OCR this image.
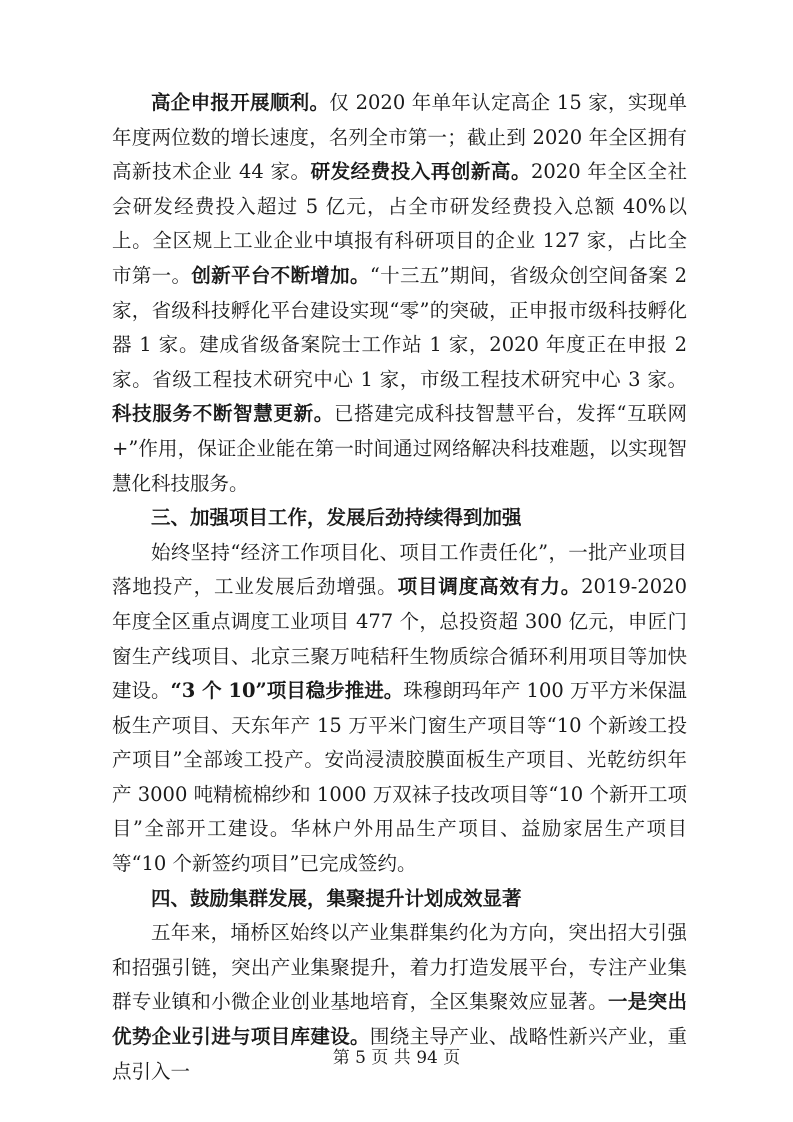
高企申报开展顺利。仅 2020 年单年认定高企 15 家，实现单年度两位数的增长速度，名列全市第一；截止到 2020 年全区拥有高新技术企业 44 家。研发经费投入再创新高。2020 年全区全社会研发经费投入超过 5 亿元，占全市研发经费投入总额 40%以上。全区规上工业企业中填报有科研项目的企业 127 家，占比全市第一。创新平台不断增加。“十三五”期间，省级众创空间备案 2 家，省级科技孵化平台建设实现“零”的突破，正申报市级科技孵化器 1 家。建成省级备案院士工作站 1 家，2020 年度正在申报 2 家。省级工程技术研究中心 1 家，市级工程技术研究中心 3 家。科技服务不断智慧更新。已搭建完成科技智慧平台，发挥“互联网+”作用，保证企业能在第一时间通过网络解决科技难题，以实现智慧化科技服务。

三、加强项目工作，发展后劲持续得到加强

始终坚持“经济工作项目化、项目工作责任化”，一批产业项目落地投产，工业发展后劲增强。项目调度高效有力。2019-2020 年度全区重点调度工业项目 477 个，总投资超 300 亿元，申匠门窗生产线项目、北京三聚万吨秸秆生物质综合循环利用项目等加快建设。“3 个 10”项目稳步推进。珠穆朗玛年产 100 万平方米保温板生产项目、天东年产 15 万平米门窗生产项目等“10 个新竣工投产项目”全部竣工投产。安尚浸渍胶膜面板生产项目、光乾纺织年产 3000 吨精梳棉纱和 1000 万双袜子技改项目等“10 个新开工项目”全部开工建设。华林户外用品生产项目、益励家居生产项目等“10 个新签约项目”已完成签约。

四、鼓励集群发展，集聚提升计划成效显著

五年来，埇桥区始终以产业集群集约化为方向，突出招大引强和招强引链，突出产业集聚提升，着力打造发展平台，专注产业集群专业镇和小微企业创业基地培育，全区集聚效应显著。一是突出优势企业引进与项目库建设。围绕主导产业、战略性新兴产业，重点引入一

第 5 页 共 94 页
